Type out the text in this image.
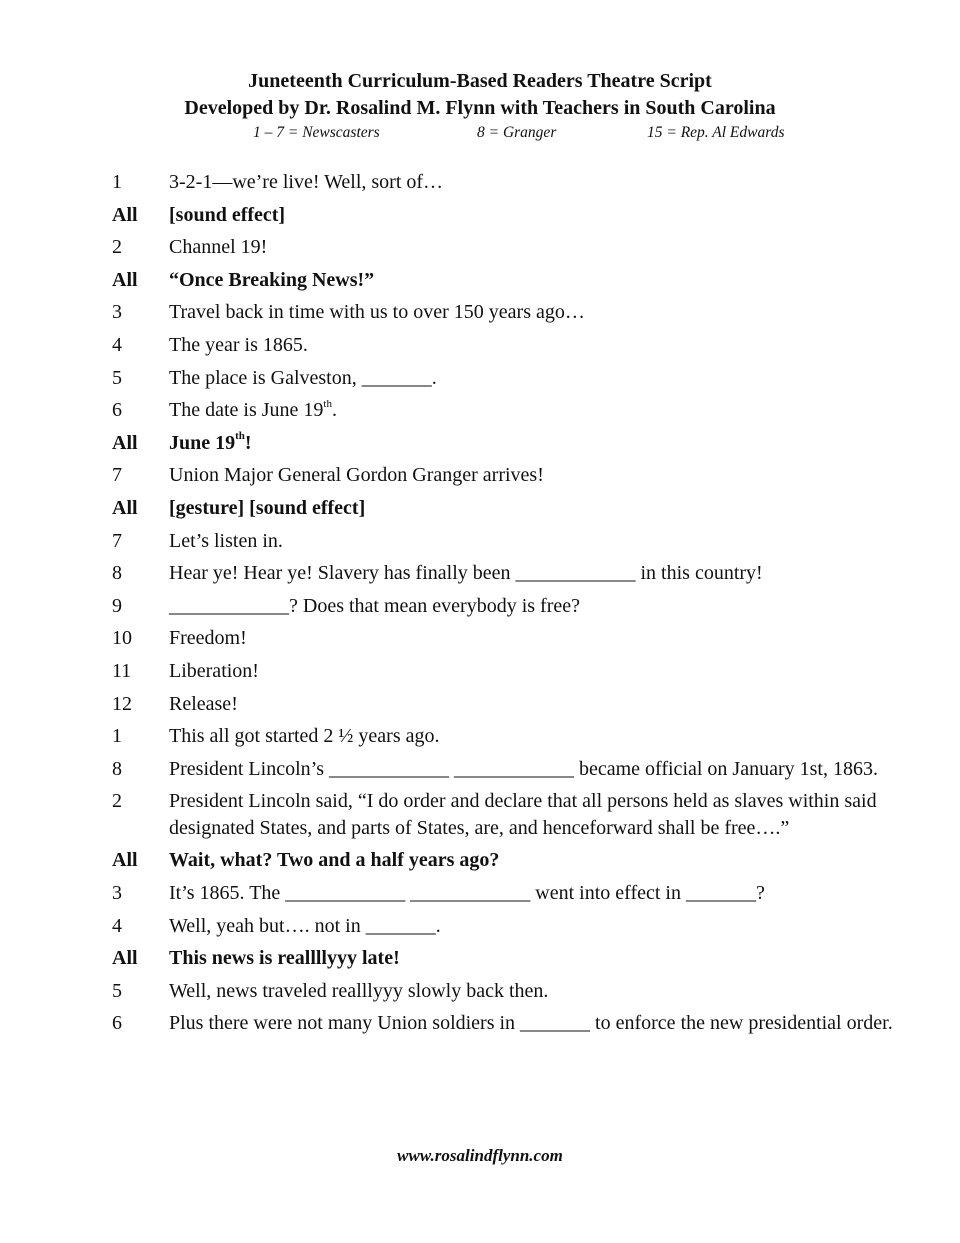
Juneteenth Curriculum-Based Readers Theatre Script
Developed by Dr. Rosalind M. Flynn with Teachers in South Carolina
1 – 7 = Newscasters	8 = Granger	15 = Rep. Al Edwards
1	3-2-1—we’re live! Well, sort of…
All	[sound effect]
2	Channel 19!
All	“Once Breaking News!”
3	Travel back in time with us to over 150 years ago…
4	The year is 1865.
5	The place is Galveston, _______.
6	The date is June 19th.
All	June 19th!
7	Union Major General Gordon Granger arrives!
All	[gesture] [sound effect]
7	Let’s listen in.
8	Hear ye! Hear ye! Slavery has finally been ____________ in this country!
9	____________? Does that mean everybody is free?
10	Freedom!
11	Liberation!
12	Release!
1	This all got started 2 ½ years ago.
8	President Lincoln’s ____________ ____________ became official on January 1st, 1863.
2	President Lincoln said, “I do order and declare that all persons held as slaves within said designated States, and parts of States, are, and henceforward shall be free….”
All	Wait, what? Two and a half years ago?
3	It’s 1865. The ____________ ____________ went into effect in _______?
4	Well, yeah but…. not in _______.
All	This news is reallllyyy late!
5	Well, news traveled realllyyy slowly back then.
6	Plus there were not many Union soldiers in _______ to enforce the new presidential order.
www.rosalindflynn.com
